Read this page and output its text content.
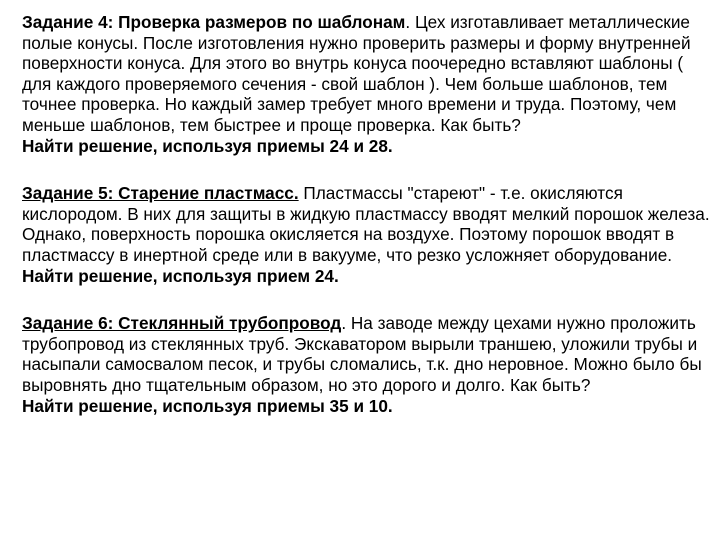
Задание 4: Проверка размеров по шаблонам. Цех изготавливает металлические полые конусы. После изготовления нужно проверить размеры и форму внутренней поверхности конуса. Для этого во внутрь конуса поочередно вставляют шаблоны ( для каждого проверяемого сечения - свой шаблон ). Чем больше шаблонов, тем точнее проверка. Но каждый замер требует много времени и труда. Поэтому, чем меньше шаблонов, тем быстрее и проще проверка. Как быть?
Найти решение, используя приемы 24 и 28.

Задание 5: Старение пластмасс. Пластмассы "стареют" - т.е. окисляются кислородом. В них для защиты в жидкую пластмассу вводят мелкий порошок железа. Однако, поверхность порошка окисляется на воздухе. Поэтому порошок вводят в пластмассу в инертной среде или в вакууме, что резко усложняет оборудование.
Найти решение, используя прием 24.

Задание 6: Стеклянный трубопровод. На заводе между цехами нужно проложить трубопровод из стеклянных труб. Экскаватором вырыли траншею, уложили трубы и насыпали самосвалом песок, и трубы сломались, т.к. дно неровное. Можно было бы выровнять дно тщательным образом, но это дорого и долго. Как быть?
Найти решение, используя приемы 35 и 10.
